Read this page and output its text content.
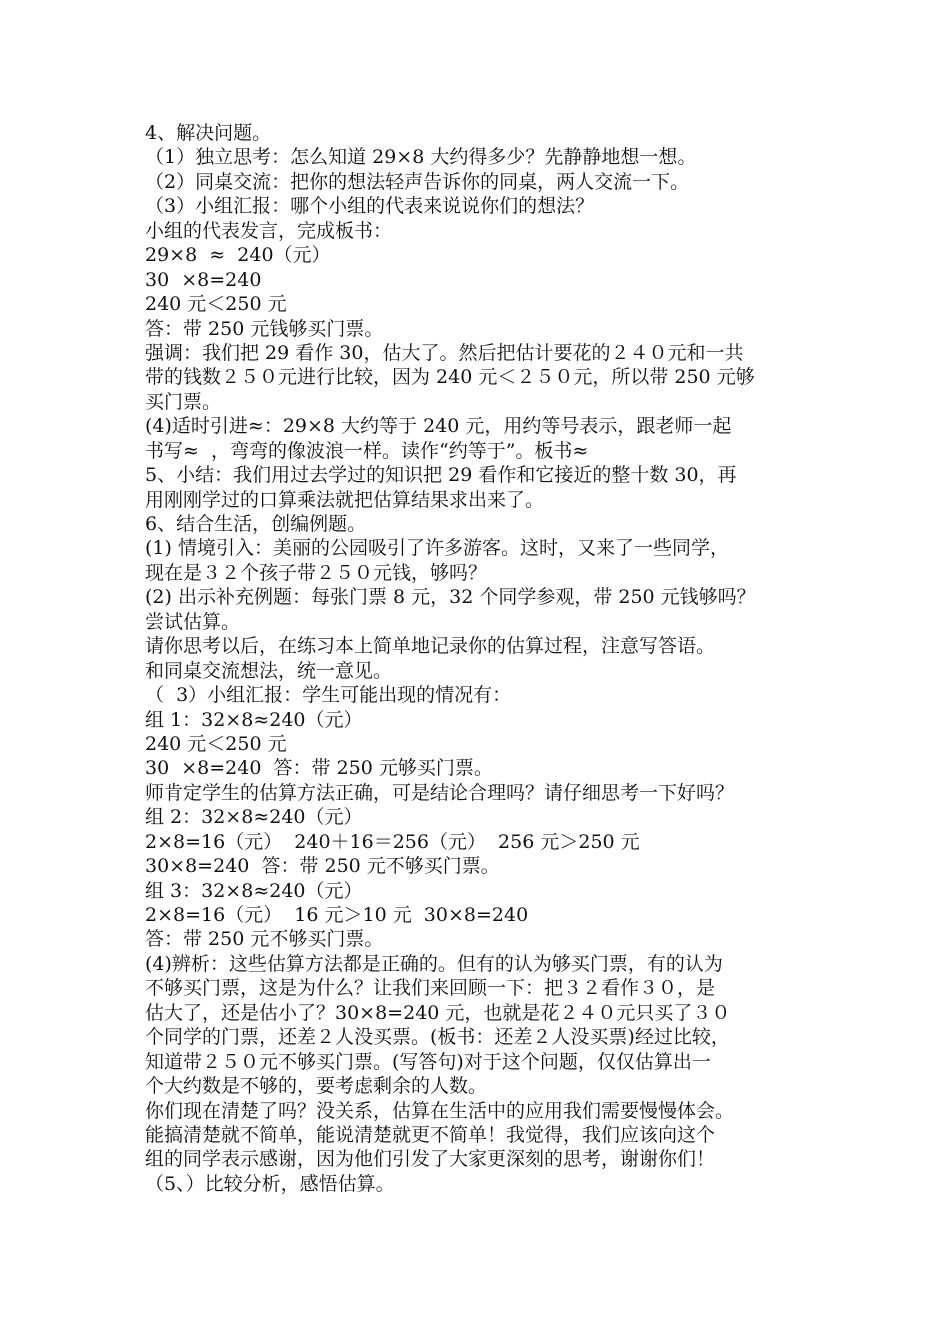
4、解决问题。
（1）独立思考：怎么知道 29×8 大约得多少？先静静地想一想。
（2）同桌交流：把你的想法轻声告诉你的同桌，两人交流一下。
（3）小组汇报：哪个小组的代表来说说你们的想法？
小组的代表发言，完成板书：
29×8  ≈  240（元）
30  ×8=240
240 元＜250 元
答：带 250 元钱够买门票。
强调：我们把 29 看作 30，估大了。然后把估计要花的２４０元和一共
带的钱数２５０元进行比较，因为 240 元＜２５０元，所以带 250 元够
买门票。
(4)适时引进≈：29×8 大约等于 240 元，用约等号表示，跟老师一起
书写≈  ，弯弯的像波浪一样。读作“约等于”。板书≈
5、小结：我们用过去学过的知识把 29 看作和它接近的整十数 30，再
用刚刚学过的口算乘法就把估算结果求出来了。
6、结合生活，创编例题。
(1) 情境引入：美丽的公园吸引了许多游客。这时，又来了一些同学，
现在是３２个孩子带２５０元钱，够吗？
(2) 出示补充例题：每张门票 8 元，32 个同学参观，带 250 元钱够吗？
尝试估算。
请你思考以后，在练习本上简单地记录你的估算过程，注意写答语。
和同桌交流想法，统一意见。
（  3）小组汇报：学生可能出现的情况有：
组 1：32×8≈240（元）
240 元＜250 元
30  ×8=240  答：带 250 元够买门票。
师肯定学生的估算方法正确，可是结论合理吗？请仔细思考一下好吗？
组 2：32×8≈240（元）
2×8=16（元）  240＋16＝256（元）  256 元＞250 元
30×8=240  答：带 250 元不够买门票。
组 3：32×8≈240（元）
2×8=16（元）  16 元＞10 元  30×8=240
答：带 250 元不够买门票。
(4)辨析：这些估算方法都是正确的。但有的认为够买门票，有的认为
不够买门票，这是为什么？让我们来回顾一下：把３２看作３０，是
估大了，还是估小了？30×8=240 元，也就是花２４０元只买了３０
个同学的门票，还差２人没买票。(板书：还差２人没买票)经过比较，
知道带２５０元不够买门票。(写答句)对于这个问题，仅仅估算出一
个大约数是不够的，要考虑剩余的人数。
你们现在清楚了吗？没关系，估算在生活中的应用我们需要慢慢体会。
能搞清楚就不简单，能说清楚就更不简单！我觉得，我们应该向这个
组的同学表示感谢，因为他们引发了大家更深刻的思考，谢谢你们！
（5、）比较分析，感悟估算。
